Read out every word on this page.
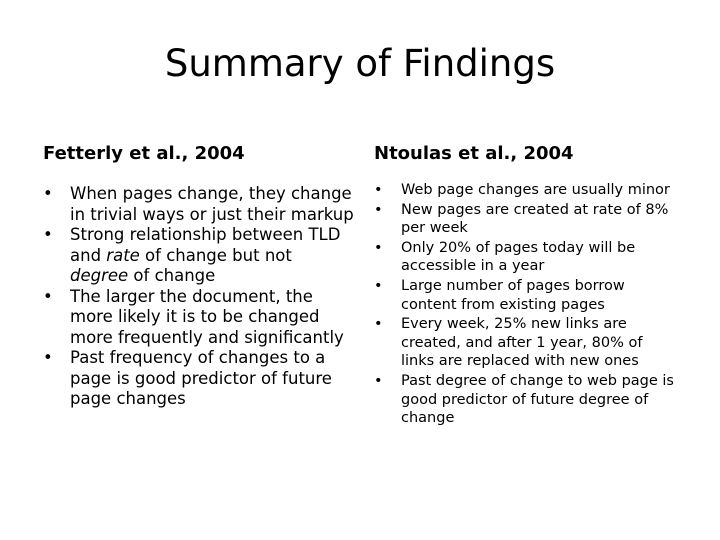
Summary of Findings
Fetterly et al., 2004
• When pages change, they change in trivial ways or just their markup
• Strong relationship between TLD and rate of change but not degree of change
• The larger the document, the more likely it is to be changed more frequently and significantly
• Past frequency of changes to a page is good predictor of future page changes
Ntoulas et al., 2004
• Web page changes are usually minor
• New pages are created at rate of 8% per week
• Only 20% of pages today will be accessible in a year
• Large number of pages borrow content from existing pages
• Every week, 25% new links are created, and after 1 year, 80% of links are replaced with new ones
• Past degree of change to web page is good predictor of future degree of change
